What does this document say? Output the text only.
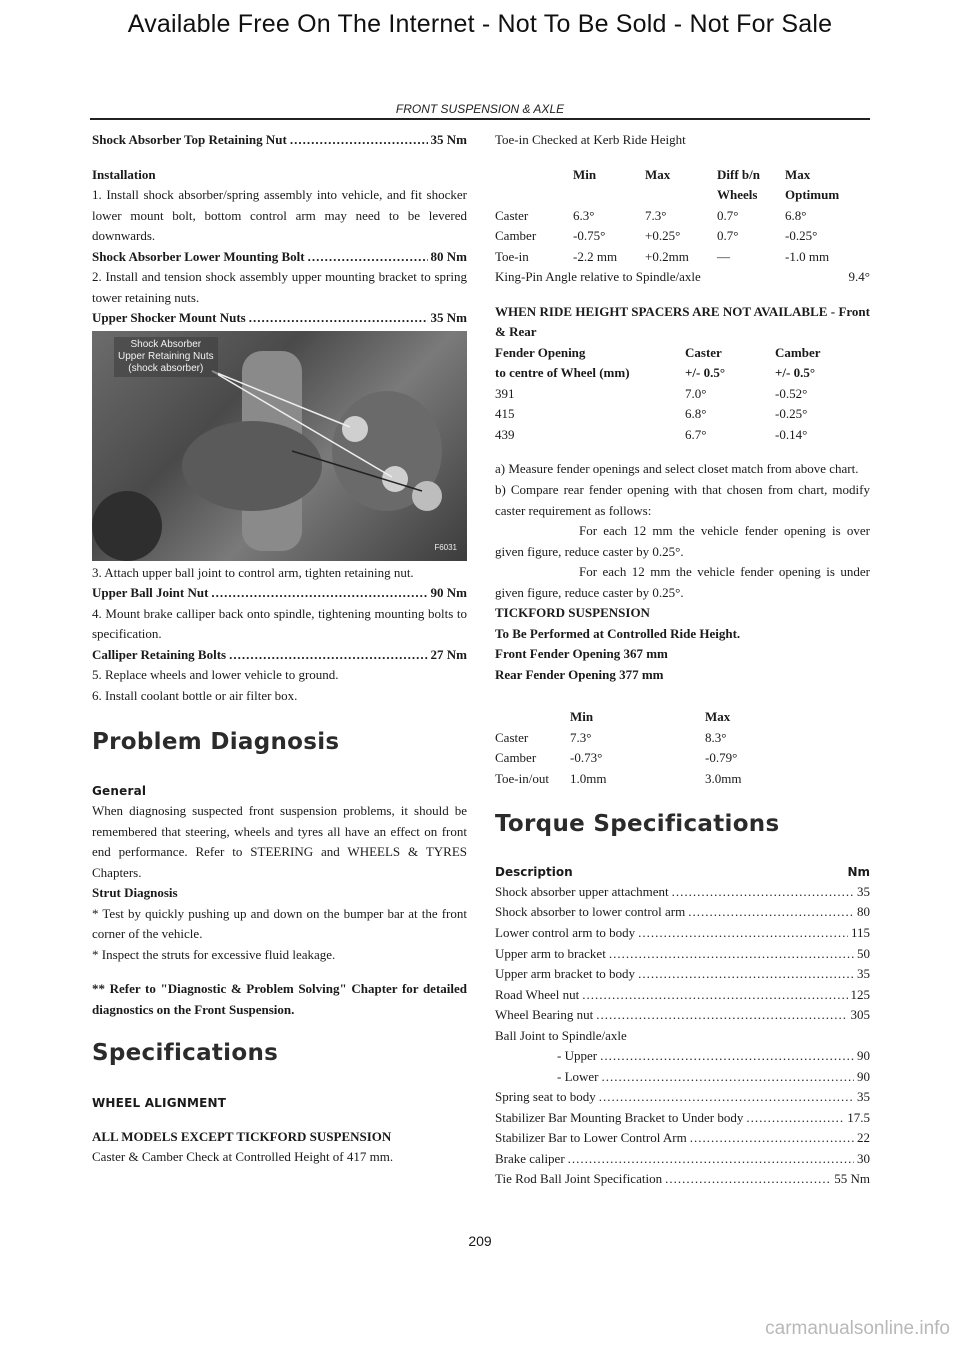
Available Free On The Internet - Not To Be Sold - Not For Sale
FRONT SUSPENSION & AXLE
Shock Absorber Top Retaining Nut .....	35 Nm
Installation
1. Install shock absorber/spring assembly into vehicle, and fit shocker lower mount bolt, bottom control arm may need to be levered downwards.
Shock Absorber Lower Mounting Bolt .....	80 Nm
2. Install and tension shock assembly upper mounting bracket to spring tower retaining nuts.
Upper Shocker Mount Nuts .....	35 Nm
Shock Absorber
Upper Retaining Nuts
(shock absorber)
F6031
3. Attach upper ball joint to control arm, tighten retaining nut.
Upper Ball Joint Nut .....	90 Nm
4. Mount brake calliper back onto spindle, tightening mounting bolts to specification.
Calliper Retaining Bolts .....	27 Nm
5. Replace wheels and lower vehicle to ground.
6. Install coolant bottle or air filter box.
Problem Diagnosis
General
When diagnosing suspected front suspension problems, it should be remembered that steering, wheels and tyres all have an effect on front end performance. Refer to STEERING and WHEELS & TYRES Chapters.
Strut Diagnosis
* Test by quickly pushing up and down on the bumper bar at the front corner of the vehicle.
* Inspect the struts for excessive fluid leakage.
** Refer to "Diagnostic & Problem Solving" Chapter for detailed diagnostics on the Front Suspension.
Specifications
WHEEL ALIGNMENT
ALL MODELS EXCEPT TICKFORD SUSPENSION
Caster & Camber Check at Controlled Height of 417 mm.
Toe-in Checked at Kerb Ride Height
	Min	Max	Diff b/n	Max
			Wheels	Optimum
Caster	6.3°	7.3°	0.7°	6.8°
Camber	-0.75°	+0.25°	0.7°	-0.25°
Toe-in	-2.2 mm	+0.2mm	—	-1.0 mm
King-Pin Angle relative to Spindle/axle	9.4°
WHEN RIDE HEIGHT SPACERS ARE NOT AVAILABLE - Front & Rear
Fender Opening	Caster	Camber
to centre of Wheel (mm)	+/- 0.5°	+/- 0.5°
391	7.0°	-0.52°
415	6.8°	-0.25°
439	6.7°	-0.14°
a) Measure fender openings and select closet match from above chart.
b) Compare rear fender opening with that chosen from chart, modify caster requirement as follows:
For each 12 mm the vehicle fender opening is over given figure, reduce caster by 0.25°.
For each 12 mm the vehicle fender opening is under given figure, reduce caster by 0.25°.
TICKFORD SUSPENSION
To Be Performed at Controlled Ride Height.
Front Fender Opening 367 mm
Rear Fender Opening 377 mm
	Min	Max
Caster	7.3°	8.3°
Camber	-0.73°	-0.79°
Toe-in/out	1.0mm	3.0mm
Torque Specifications
Description	Nm
Shock absorber upper attachment .....	35
Shock absorber to lower control arm .....	80
Lower control arm to body .....	115
Upper arm to bracket .....	50
Upper arm bracket to body .....	35
Road Wheel nut .....	125
Wheel Bearing nut .....	305
Ball Joint to Spindle/axle
- Upper .....	90
- Lower .....	90
Spring seat to body .....	35
Stabilizer Bar Mounting Bracket to Under body .....	17.5
Stabilizer Bar to Lower Control Arm .....	22
Brake caliper .....	30
Tie Rod Ball Joint Specification .....	55 Nm
209
carmanualsonline.info
